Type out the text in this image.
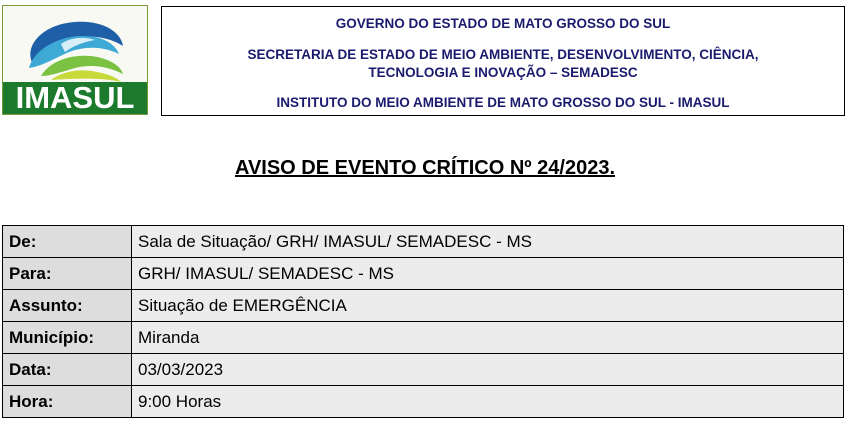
IMASUL
GOVERNO DO ESTADO DE MATO GROSSO DO SUL
SECRETARIA DE ESTADO DE MEIO AMBIENTE, DESENVOLVIMENTO, CIÊNCIA,
TECNOLOGIA E INOVAÇÃO – SEMADESC
INSTITUTO DO MEIO AMBIENTE DE MATO GROSSO DO SUL - IMASUL
AVISO DE EVENTO CRÍTICO Nº 24/2023.
De:	Sala de Situação/ GRH/ IMASUL/ SEMADESC - MS
Para:	GRH/ IMASUL/ SEMADESC - MS
Assunto:	Situação de EMERGÊNCIA
Município:	Miranda
Data:	03/03/2023
Hora:	9:00 Horas
